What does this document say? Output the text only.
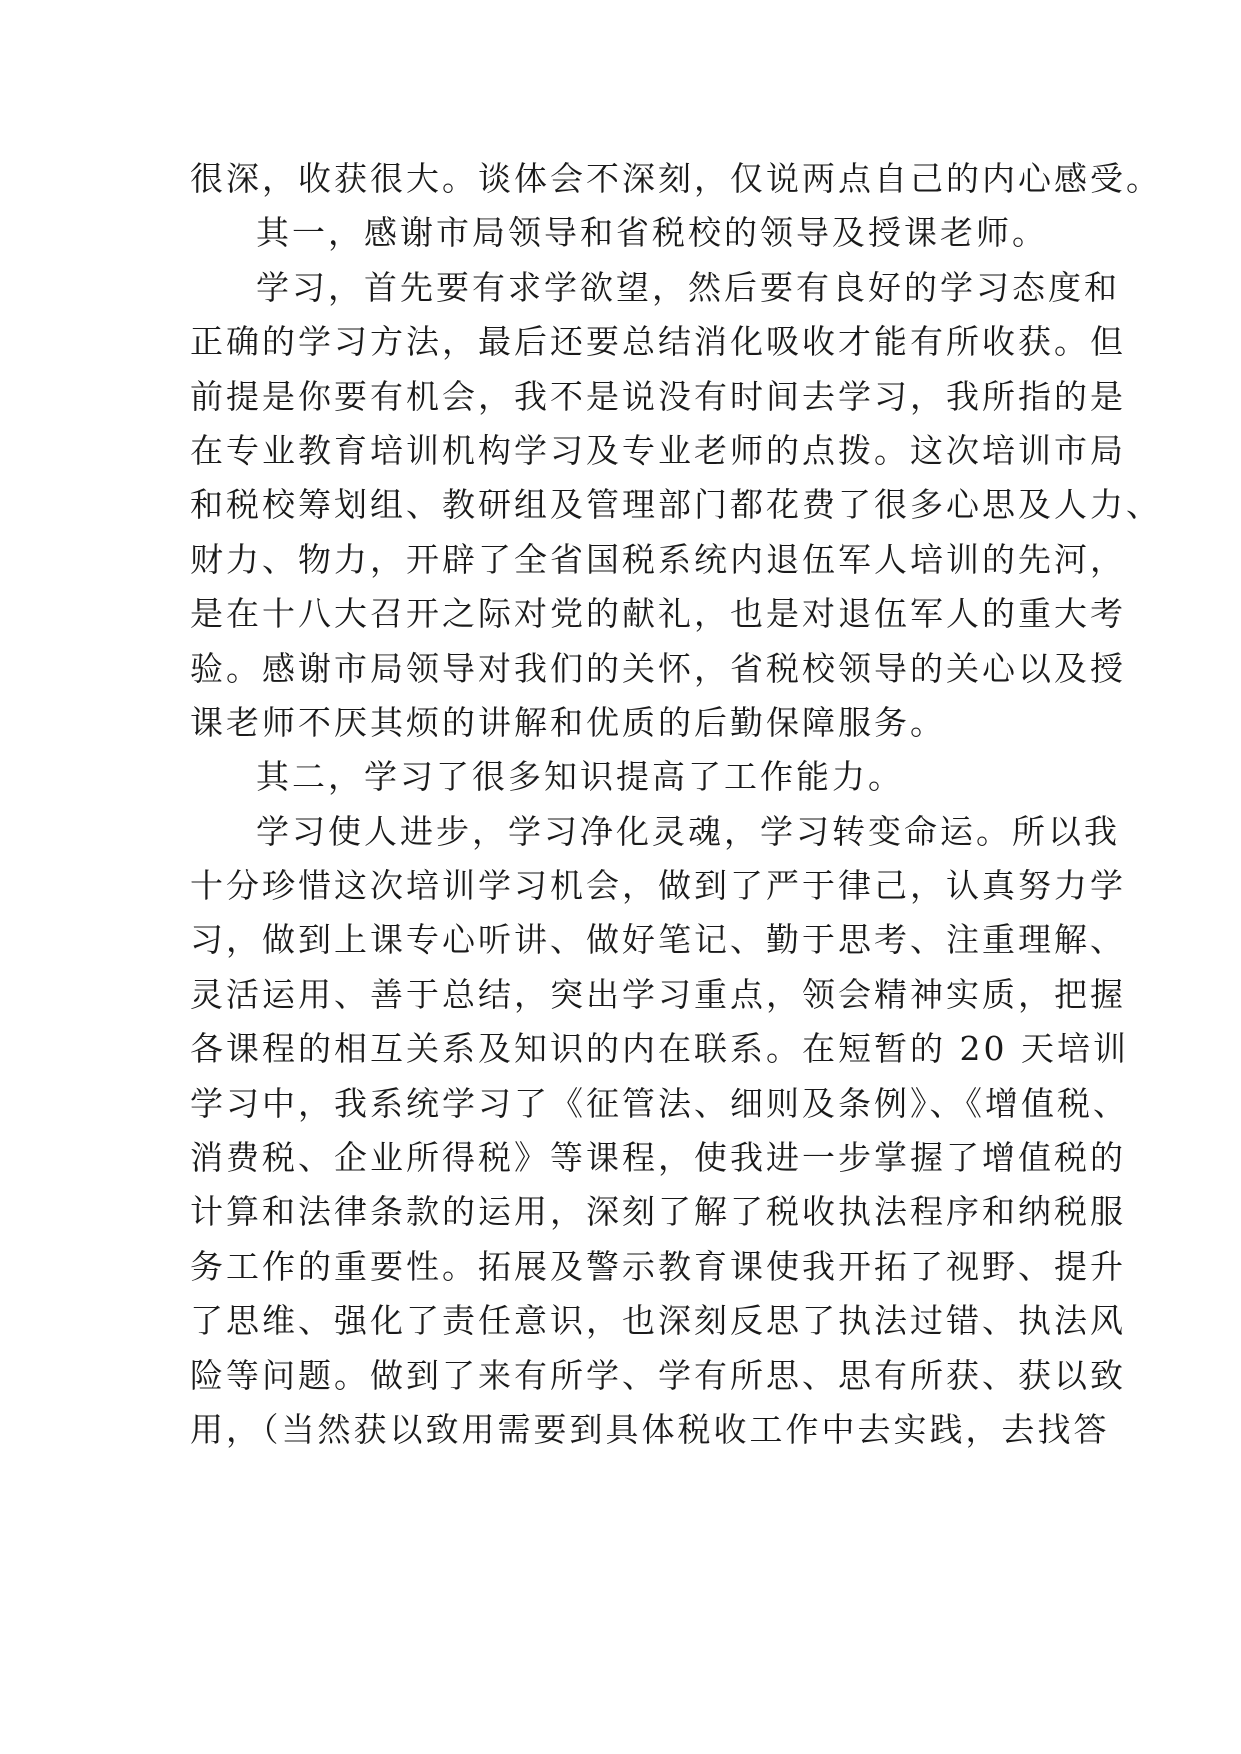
很深，收获很大。谈体会不深刻，仅说两点自己的内心感受。
其一，感谢市局领导和省税校的领导及授课老师。
学习，首先要有求学欲望，然后要有良好的学习态度和
正确的学习方法，最后还要总结消化吸收才能有所收获。但
前提是你要有机会，我不是说没有时间去学习，我所指的是
在专业教育培训机构学习及专业老师的点拨。这次培训市局
和税校筹划组、教研组及管理部门都花费了很多心思及人力、
财力、物力，开辟了全省国税系统内退伍军人培训的先河，
是在十八大召开之际对党的献礼，也是对退伍军人的重大考
验。感谢市局领导对我们的关怀，省税校领导的关心以及授
课老师不厌其烦的讲解和优质的后勤保障服务。
其二，学习了很多知识提高了工作能力。
学习使人进步，学习净化灵魂，学习转变命运。所以我
十分珍惜这次培训学习机会，做到了严于律己，认真努力学
习，做到上课专心听讲、做好笔记、勤于思考、注重理解、
灵活运用、善于总结，突出学习重点，领会精神实质，把握
各课程的相互关系及知识的内在联系。在短暂的 20 天培训
学习中，我系统学习了《征管法、细则及条例》、《增值税、
消费税、企业所得税》等课程，使我进一步掌握了增值税的
计算和法律条款的运用，深刻了解了税收执法程序和纳税服
务工作的重要性。拓展及警示教育课使我开拓了视野、提升
了思维、强化了责任意识，也深刻反思了执法过错、执法风
险等问题。做到了来有所学、学有所思、思有所获、获以致
用，（当然获以致用需要到具体税收工作中去实践，去找答
